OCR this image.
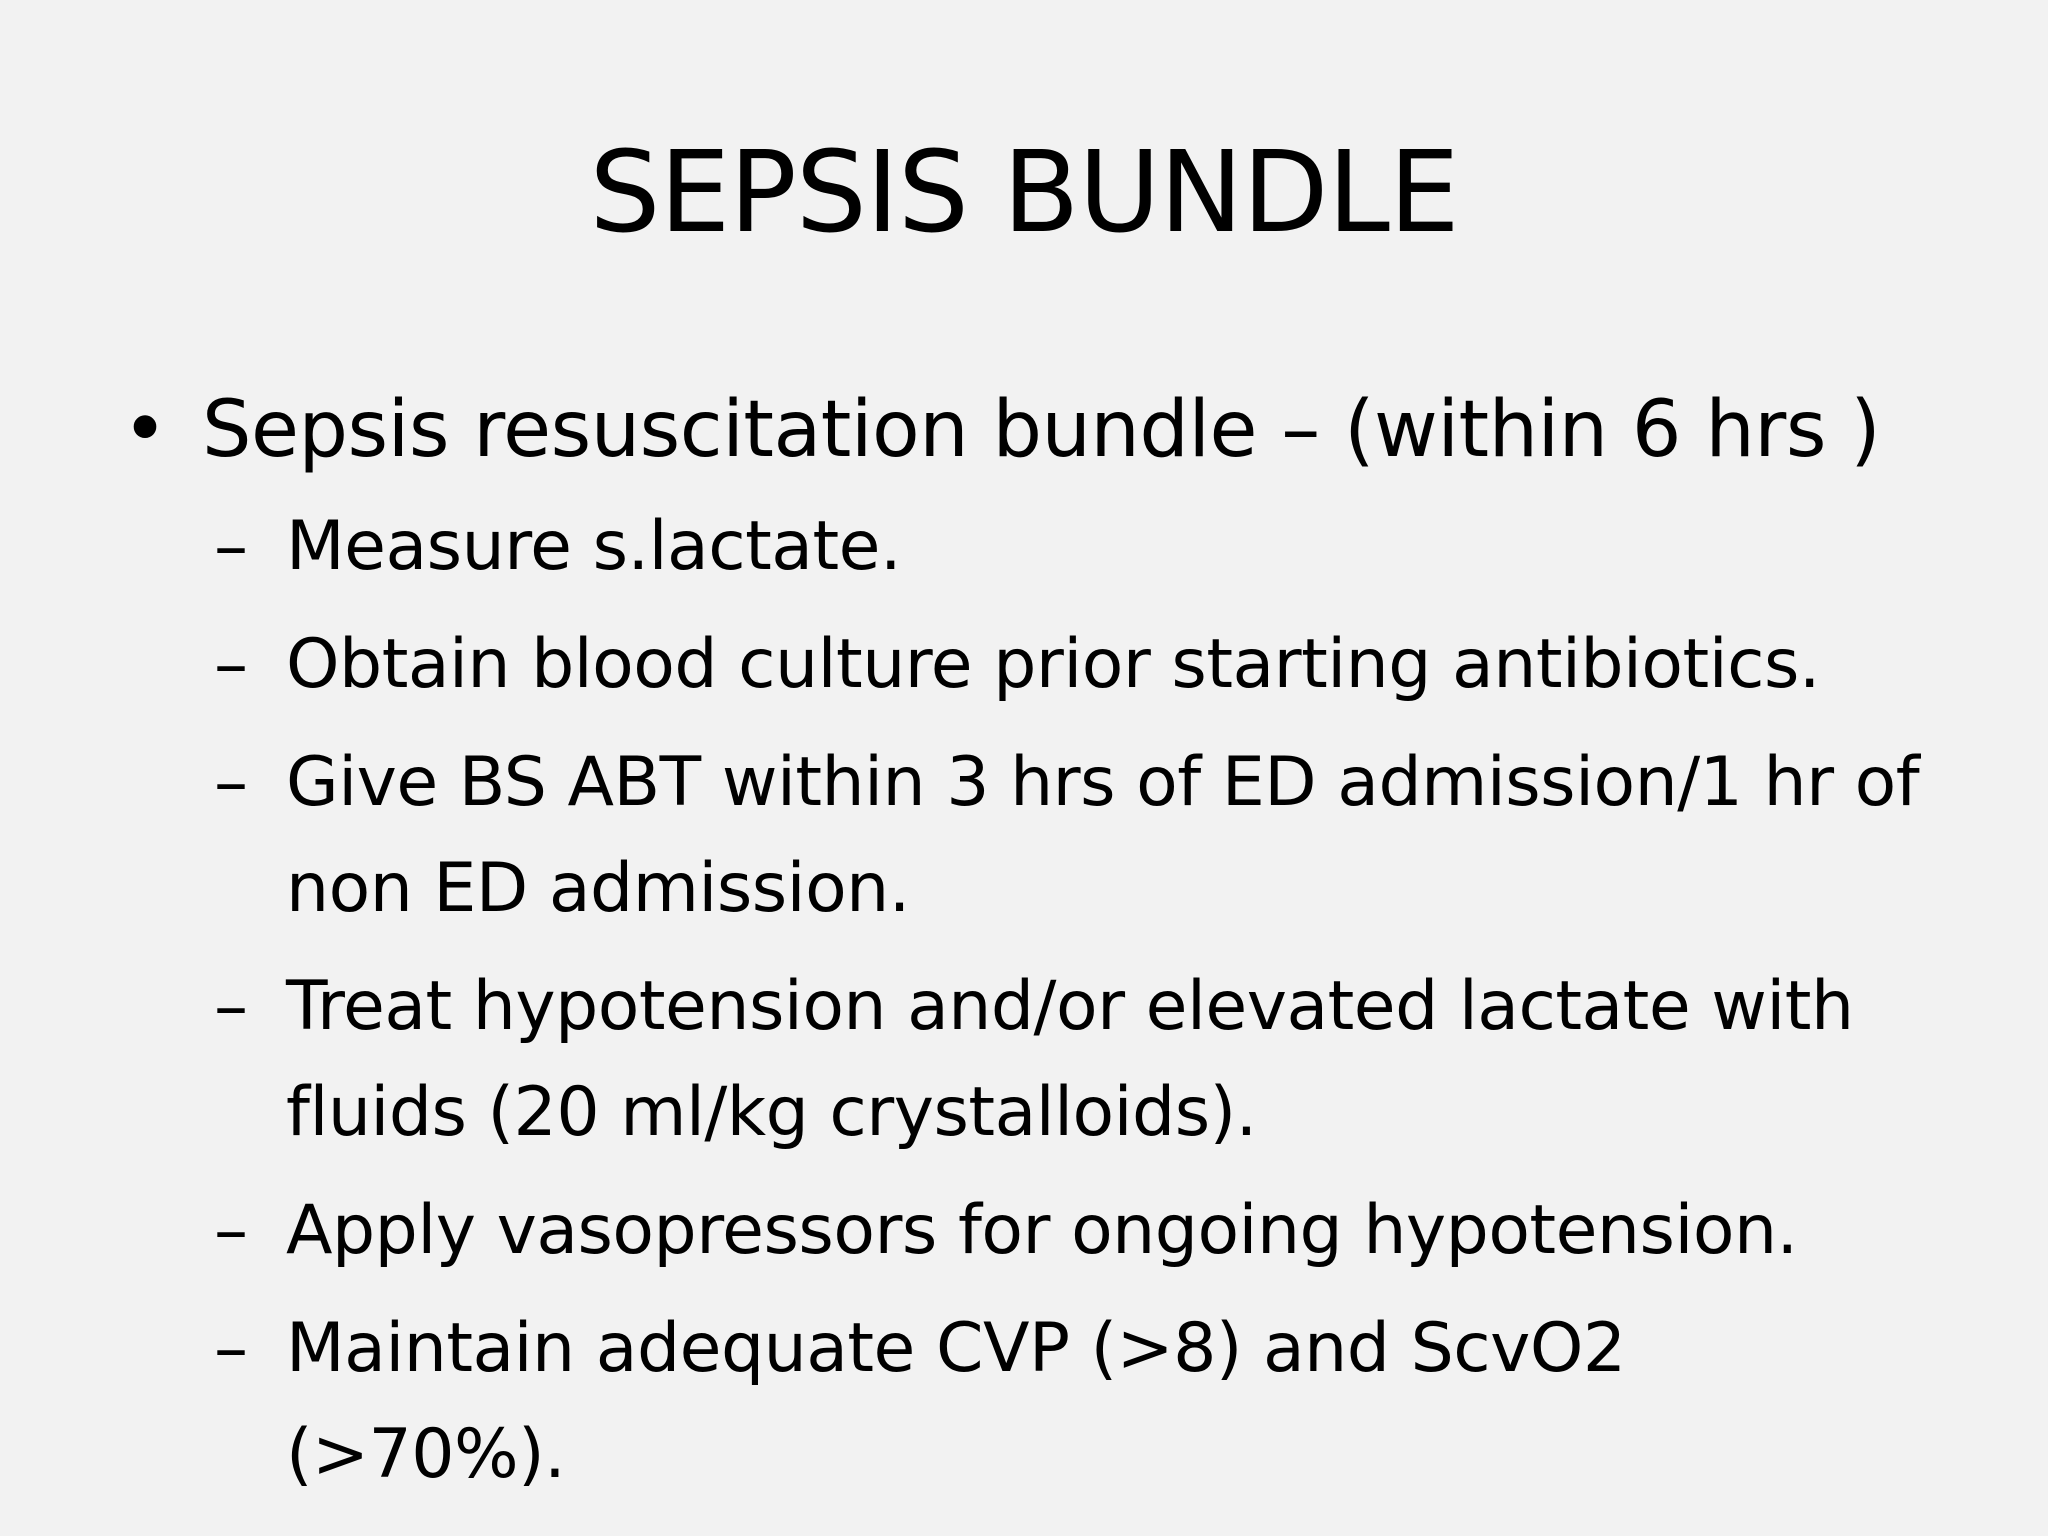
SEPSIS BUNDLE
• Sepsis resuscitation bundle – (within 6 hrs )
– Measure s.lactate.
– Obtain blood culture prior starting antibiotics.
– Give BS ABT within 3 hrs of ED admission/1 hr of
non ED admission.
– Treat hypotension and/or elevated lactate with
fluids (20 ml/kg crystalloids).
– Apply vasopressors for ongoing hypotension.
– Maintain adequate CVP (>8) and ScvO2 (>70%).
